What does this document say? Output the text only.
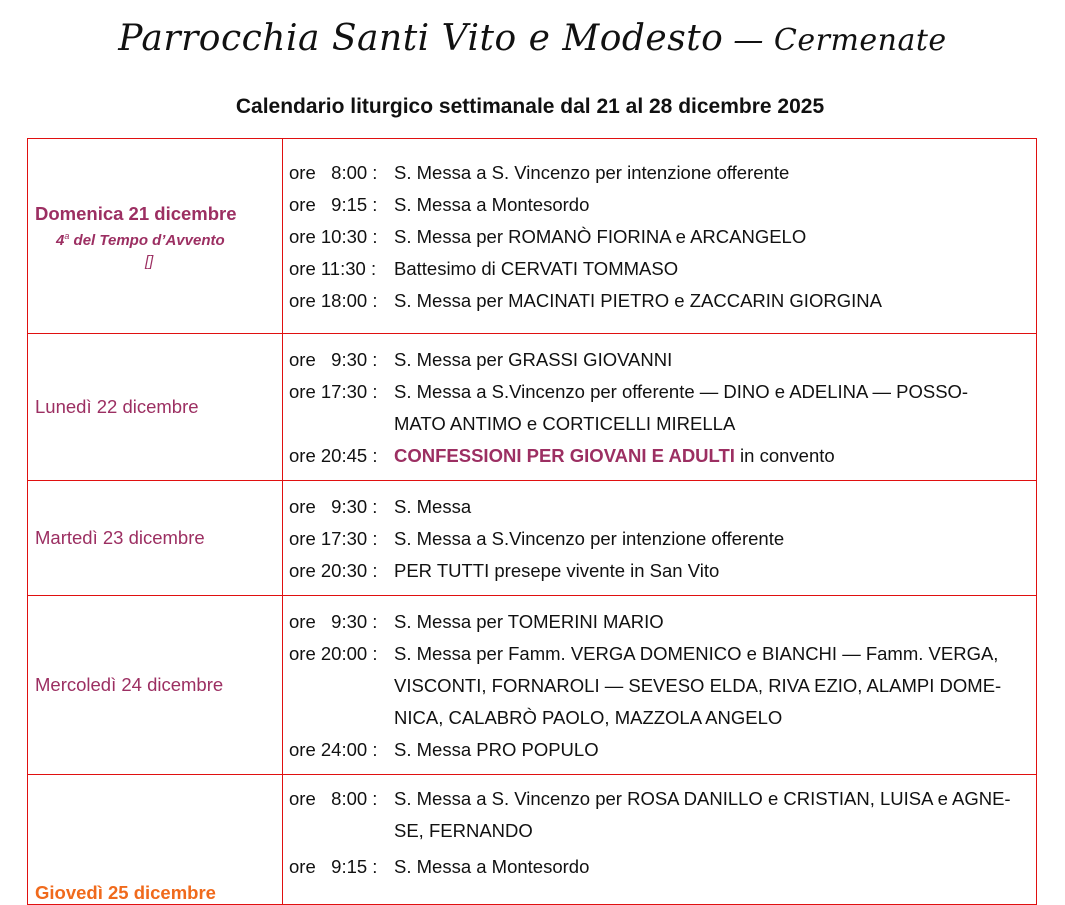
Parrocchia Santi Vito e Modesto — Cermenate
Calendario liturgico settimanale dal 21 al 28 dicembre 2025
Domenica 21 dicembre
4$^a$ del Tempo d’Avvento
[]

ore   8:00 : S. Messa a S. Vincenzo per intenzione offerente
ore   9:15 : S. Messa a Montesordo
ore 10:30 : S. Messa per ROMANÒ FIORINA e ARCANGELO
ore 11:30 : Battesimo di CERVATI TOMMASO
ore 18:00 : S. Messa per MACINATI PIETRO e ZACCARIN GIORGINA

Lunedì 22 dicembre

ore   9:30 : S. Messa per GRASSI GIOVANNI
ore 17:30 : S. Messa a S.Vincenzo per offerente — DINO e ADELINA — POSSO-
MATO ANTIMO e CORTICELLI MIRELLA
ore 20:45 : CONFESSIONI PER GIOVANI E ADULTI in convento

Martedì 23 dicembre

ore   9:30 : S. Messa
ore 17:30 : S. Messa a S.Vincenzo per intenzione offerente
ore 20:30 : PER TUTTI presepe vivente in San Vito

Mercoledì 24 dicembre

ore   9:30 : S. Messa per TOMERINI MARIO
ore 20:00 : S. Messa per Famm. VERGA DOMENICO e BIANCHI — Famm. VERGA,
VISCONTI, FORNAROLI — SEVESO ELDA, RIVA EZIO, ALAMPI DOME-
NICA, CALABRÒ PAOLO, MAZZOLA ANGELO
ore 24:00 : S. Messa PRO POPULO

Giovedì 25 dicembre	ore   8:00 : S. Messa a S. Vincenzo per ROSA DANILLO e CRISTIAN, LUISA e AGNE-
SE, FERNANDO
ore   9:15 : S. Messa a Montesordo
